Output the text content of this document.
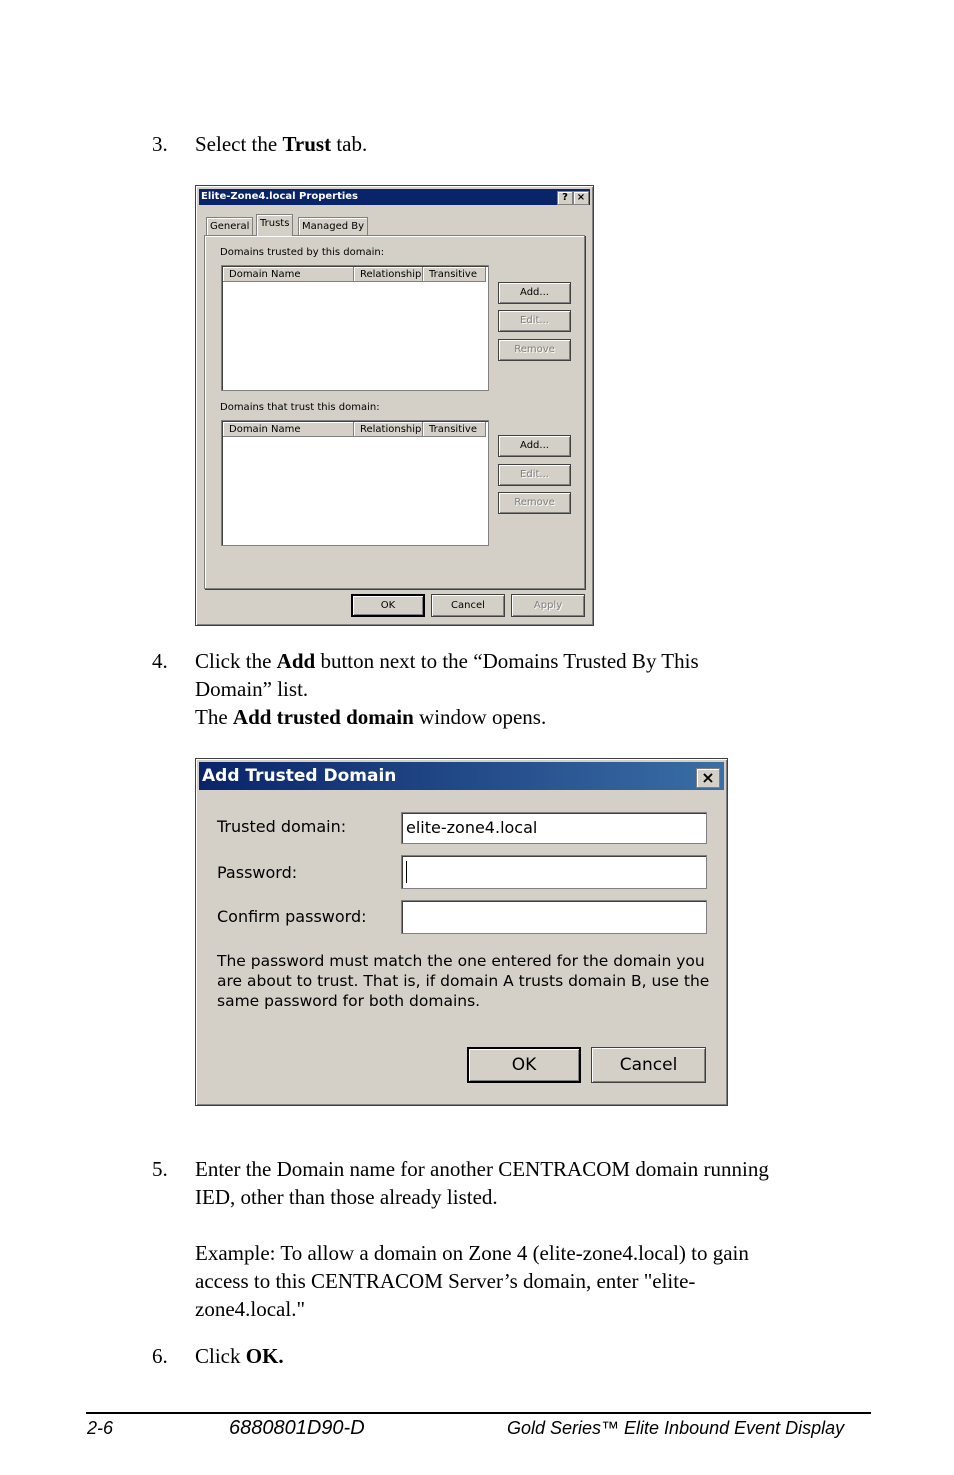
3. Select the Trust tab.

Elite-Zone4.local Properties	? ×
General	Trusts	Managed By
Domains trusted by this domain:
Domain Name	Relationship Transitive
Add...
Edit...
Remove
Domains that trust this domain:
Domain Name	Relationship Transitive
Add...
Edit...
Remove
OK	Cancel	Apply
4. Click the Add button next to the “Domains Trusted By This

Domain” list.

The Add trusted domain window opens.

Add Trusted Domain	×
Trusted domain:	elite-zone4.local
Password:
Confirm password:
The password must match the one entered for the domain you are about to trust. That is, if domain A trusts domain B, use the same password for both domains.
OK	Cancel
5. Enter the Domain name for another CENTRACOM domain running

IED, other than those already listed.

Example: To allow a domain on Zone 4 (elite-zone4.local) to gain

access to this CENTRACOM Server’s domain, enter "elite-

zone4.local."

6. Click OK.

2-6	6880801D90-D	Gold Series™ Elite Inbound Event Display
